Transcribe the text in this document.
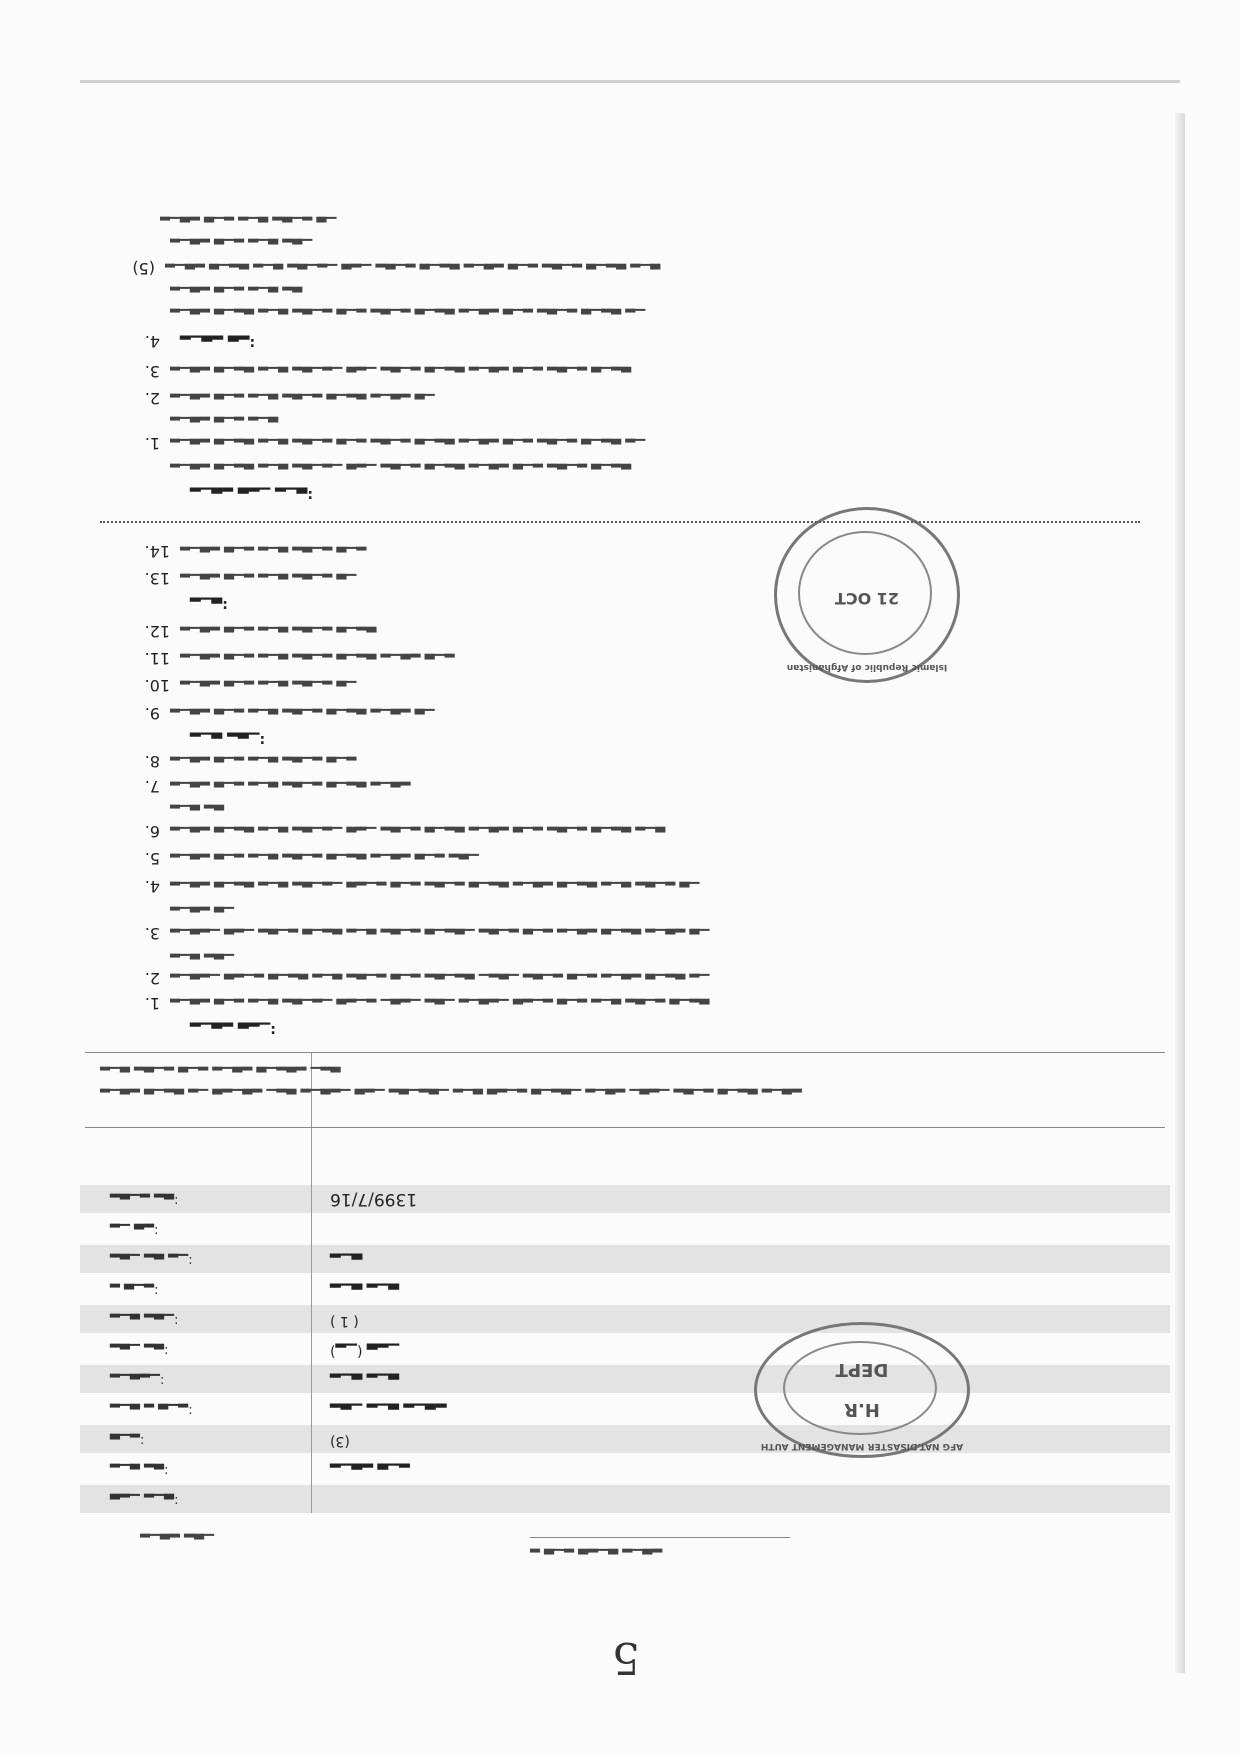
5
▂ ▃▁▂ ▃▂▁▃ ▂▁▃▂
▂▁▃▂ ▂▃▁
▃▂▁ ▂▁▃:
▂▁▃ ▂▃:	▂▁▃▂ ▃▁▂
▃▁▂:	(3)
▂▁▃ ▂ ▃▁▂:	▂▃▁ ▂▁▃ ▂▁▃▂
▂▁▃▂▁:	▂▁▃ ▂▁▃
▂▃▁ ▂▃:	(▂▁) ▃▂▁
▂▁▃ ▂▃▁:	( 1 )
▂ ▃▁▂:	▂▁▃ ▂▁▃
▂▃▁ ▂▃ ▂▁:	▂▁▃
▂▁ ▃▂:
▂▃▁▂ ▂▃:	1399/7/16
H.R
DEPT
AFG NAT.DISASTER MANAGEMENT AUTH
▂▁▃▂ ▃▁▂▃ ▂▁ ▃▂▁▃▂ ▁▂▃ ▂▁▃▂▁ ▃▂▁ ▂▃▁▂▃▁ ▂▁▃ ▃▂▁▂ ▃▁▂▃▁ ▂▁▃▂ ▁▃▂▁ ▂▃▁▂ ▃▁▂▃ ▂▁▃▂
▂▁▃ ▂▃▁▂ ▃▁▂ ▂▁▃▂ ▃▁▂▃▂ ▁▂▃
▂▁▃▂ ▃▂▁:
1. ▂▁▃▂ ▃▁▂ ▂▁▃ ▂▃▁▂▁ ▃▂▁▂ ▁▃▂▁ ▂▃▁ ▂▁▃▂▁ ▃▂▁▂ ▃▁▂ ▂▁▃ ▂▃▁▂ ▃▁▂▃
2. ▂▁▃▂▁ ▃▂▁▂ ▃▁▂▃ ▂▁▃ ▂▃▁▂ ▃▁▂ ▂▃▁▂▃ ▁▂▃▁ ▂▃▁▂ ▃▁▂ ▂▁▃▂ ▃▁▂▃ ▂▁
▂▁▃ ▂▃▁
3. ▂▁▃▂▁ ▃▂▁ ▂▃▁▂ ▃▁▂▃ ▂▁▃ ▂▃▁▂ ▃▁▂▃▁ ▂▃▁▂ ▃▁▂ ▂▁▃▂ ▃▁▂▃ ▂▁▃▂ ▃▁
▂▁▃▂ ▃▁
4. ▂▁▃▂ ▃▁▂▃ ▂▁▃ ▂▃▁▂▁ ▃▂▁▂ ▃▁▂ ▂▃▁▂ ▃▁▂▃ ▂▁▃▂ ▃▁▂▃ ▂▁▃ ▂▃▁▂ ▃▁
5. ▂▁▃▂ ▃▁▂ ▂▁▃ ▂▃▁▂ ▃▁▂▃ ▂▁▃▂ ▃▁▂ ▂▃▁
6. ▂▁▃▂ ▃▁▂▃ ▂▁▃ ▂▃▁▂▁ ▃▂▁ ▂▃▁▂ ▃▁▂▃ ▂▁▃▂ ▃▁▂ ▂▃▁▂ ▃▁▂▃ ▂▁▃
▂▁▃ ▂▃
7. ▂▁▃▂ ▃▁▂ ▂▁▃ ▂▃▁▂ ▃▁▂▃ ▂▁▃▂
8. ▂▁▃▂ ▃▁▂ ▂▁▃ ▂▃▁▂ ▃▁▂
▂▁▃ ▂▃▁:
9. ▂▁▃▂ ▃▁▂ ▂▁▃ ▂▃▁▂ ▃▁▂▃ ▂▁▃▂ ▃▁
10. ▂▁▃▂ ▃▁▂ ▂▁▃ ▂▃▁▂ ▃▁
11. ▂▁▃▂ ▃▁▂ ▂▁▃ ▂▃▁▂ ▃▁▂▃ ▂▁▃▂ ▃▁▂
12. ▂▁▃▂ ▃▁▂ ▂▁▃ ▂▃▁▂ ▃▁▂▃
▂▁▃:
13. ▂▁▃▂ ▃▁▂ ▂▁▃ ▂▃▁▂ ▃▁
14. ▂▁▃▂ ▃▁▂ ▂▁▃ ▂▃▁▂ ▃▁▂
21 OCT
Islamic Republic of Afghanistan
▂▁▃▂ ▃▂▁ ▂▁▃:
▂▁▃▂ ▃▁▂▃ ▂▁▃ ▂▃▁▂▁ ▃▂▁ ▂▃▁▂ ▃▁▂▃ ▂▁▃▂ ▃▁▂ ▂▃▁▂ ▃▁▂▃
1. ▂▁▃▂ ▃▁▂▃ ▂▁▃ ▂▃▁▂ ▃▁▂ ▂▃▁▂ ▃▁▂▃ ▂▁▃▂ ▃▁▂ ▂▃▁▂ ▃▁▂▃ ▂▁
▂▁▃▂ ▃▁▂ ▂▁▃
2. ▂▁▃▂ ▃▁▂ ▂▁▃ ▂▃▁▂ ▃▁▂▃ ▂▁▃▂ ▃▁
3. ▂▁▃▂ ▃▁▂▃ ▂▁▃ ▂▃▁▂▁ ▃▂▁ ▂▃▁▂ ▃▁▂▃ ▂▁▃▂ ▃▁▂ ▂▃▁▂ ▃▁▂▃
4. ▂▁▃▂ ▃▂:
▂▁▃▂ ▃▁▂▃ ▂▁▃ ▂▃▁▂ ▃▁▂ ▂▃▁▂ ▃▁▂▃ ▂▁▃▂ ▃▁▂ ▂▃▁▂ ▃▁▂▃ ▂▁
▂▁▃▂ ▃▁▂ ▂▁▃ ▂▃
(5) ▂▁▃▂ ▃▁▂▃ ▂▁▃ ▂▃▁▂▁ ▃▂▁ ▂▃▁▂ ▃▁▂▃ ▂▁▃▂ ▃▁▂ ▂▃▁▂ ▃▁▂▃ ▂▁▃
▂▁▃▂ ▃▁▂ ▂▁▃ ▂▃▁
▂▁▃▂ ▃▁▂ ▂▁▃ ▂▃▁▂ ▃▁
